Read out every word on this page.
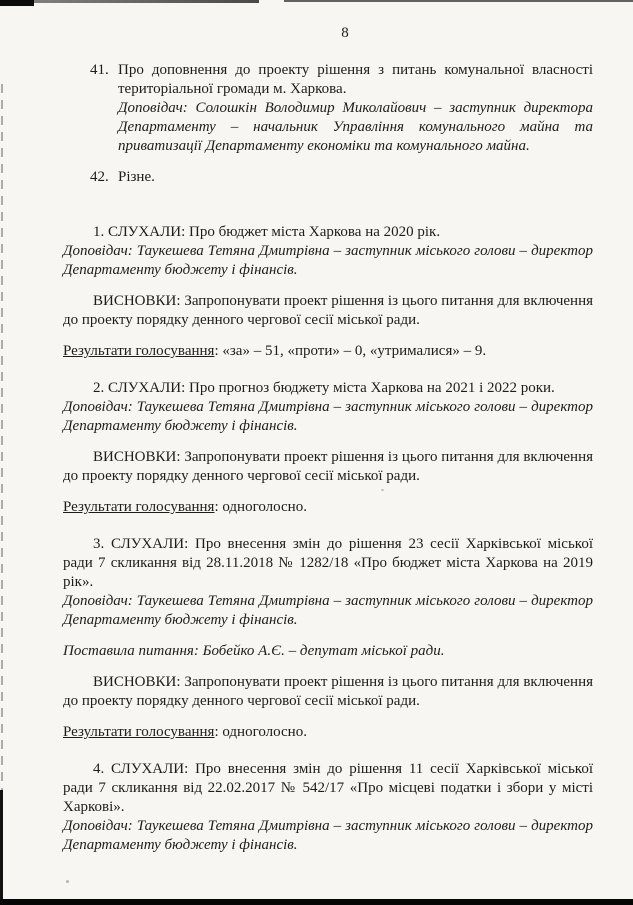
8
41. Про доповнення до проекту рішення з питань комунальної власності територіальної громади м. Харкова.

Доповідач: Солошкін Володимир Миколайович – заступник директора Департаменту – начальник Управління комунального майна та приватизації Департаменту економіки та комунального майна.

42. Різне.

1. СЛУХАЛИ: Про бюджет міста Харкова на 2020 рік.

Доповідач: Таукешева Тетяна Дмитрівна – заступник міського голови – директор Департаменту бюджету і фінансів.

ВИСНОВКИ: Запропонувати проект рішення із цього питання для включення до проекту порядку денного чергової сесії міської ради.

Результати голосування: «за» – 51, «проти» – 0, «утрималися» – 9.

2. СЛУХАЛИ: Про прогноз бюджету міста Харкова на 2021 і 2022 роки.

Доповідач: Таукешева Тетяна Дмитрівна – заступник міського голови – директор Департаменту бюджету і фінансів.

ВИСНОВКИ: Запропонувати проект рішення із цього питання для включення до проекту порядку денного чергової сесії міської ради.

Результати голосування: одноголосно.

3. СЛУХАЛИ: Про внесення змін до рішення 23 сесії Харківської міської ради 7 скликання від 28.11.2018 № 1282/18 «Про бюджет міста Харкова на 2019 рік».

Доповідач: Таукешева Тетяна Дмитрівна – заступник міського голови – директор Департаменту бюджету і фінансів.

Поставила питання: Бобейко А.Є. – депутат міської ради.

ВИСНОВКИ: Запропонувати проект рішення із цього питання для включення до проекту порядку денного чергової сесії міської ради.

Результати голосування: одноголосно.

4. СЛУХАЛИ: Про внесення змін до рішення 11 сесії Харківської міської ради 7 скликання від 22.02.2017 № 542/17 «Про місцеві податки і збори у місті Харкові».

Доповідач: Таукешева Тетяна Дмитрівна – заступник міського голови – директор Департаменту бюджету і фінансів.
